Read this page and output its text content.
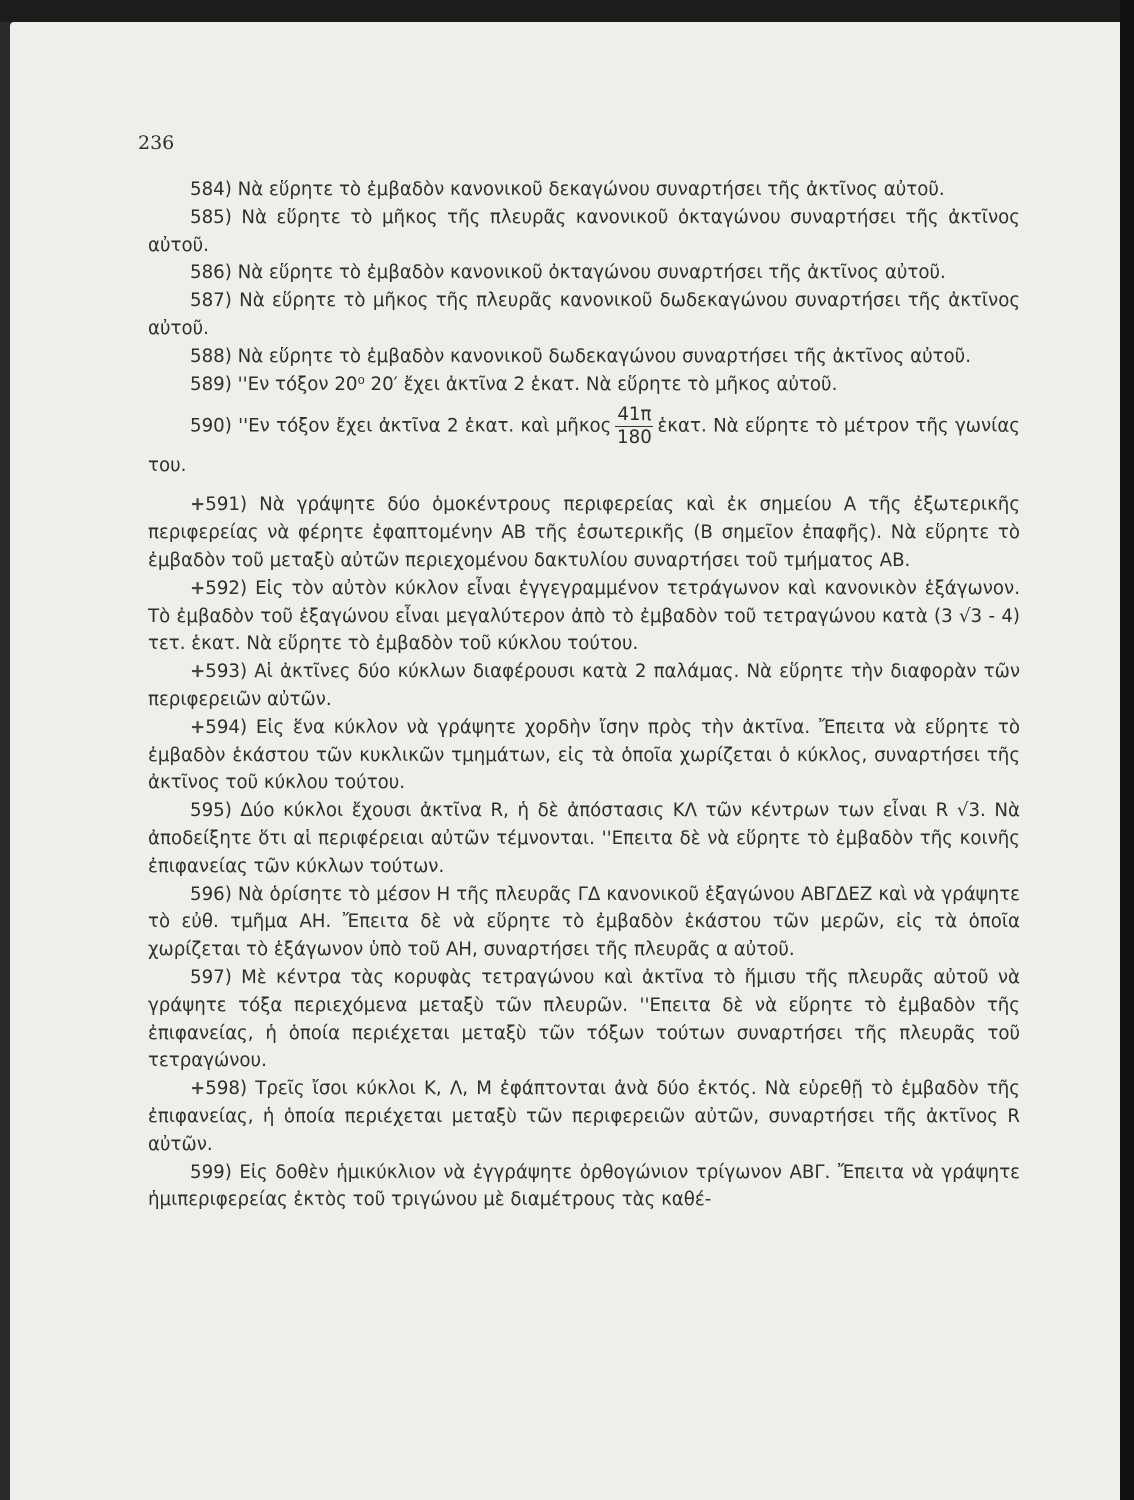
236

584) Νὰ εὕρητε τὸ ἐμβαδὸν κανονικοῦ δεκαγώνου συναρτήσει τῆς ἀκτῖνος αὐτοῦ.

585) Νὰ εὕρητε τὸ μῆκος τῆς πλευρᾶς κανονικοῦ ὀκταγώνου συναρτήσει τῆς ἀκτῖνος αὐτοῦ.

586) Νὰ εὕρητε τὸ ἐμβαδὸν κανονικοῦ ὀκταγώνου συναρτήσει τῆς ἀκτῖνος αὐτοῦ.

587) Νὰ εὕρητε τὸ μῆκος τῆς πλευρᾶς κανονικοῦ δωδεκαγώνου συναρτήσει τῆς ἀκτῖνος αὐτοῦ.

588) Νὰ εὕρητε τὸ ἐμβαδὸν κανονικοῦ δωδεκαγώνου συναρτήσει τῆς ἀκτῖνος αὐτοῦ.

589) ''Εν τόξον 20⁰ 20′ ἔχει ἀκτῖνα 2 ἑκατ. Νὰ εὕρητε τὸ μῆκος αὐτοῦ.

590) ''Εν τόξον ἔχει ἀκτῖνα 2 ἑκατ. καὶ μῆκος $\frac{41\pi}{180}$ ἑκατ. Νὰ εὕρητε τὸ μέτρον τῆς γωνίας του.

+591) Νὰ γράψητε δύο ὁμοκέντρους περιφερείας καὶ ἐκ σημείου Α τῆς ἐξωτερικῆς περιφερείας νὰ φέρητε ἐφαπτομένην ΑΒ τῆς ἐσωτερικῆς (Β σημεῖον ἐπαφῆς). Νὰ εὕρητε τὸ ἐμβαδὸν τοῦ μεταξὺ αὐτῶν περιεχομένου δακτυλίου συναρτήσει τοῦ τμήματος ΑΒ.

+592) Εἰς τὸν αὐτὸν κύκλον εἶναι ἐγγεγραμμένον τετράγωνον καὶ κανονικὸν ἑξάγωνον. Τὸ ἐμβαδὸν τοῦ ἑξαγώνου εἶναι μεγαλύτερον ἀπὸ τὸ ἐμβαδὸν τοῦ τετραγώνου κατὰ (3 √3 - 4) τετ. ἑκατ. Νὰ εὕρητε τὸ ἐμβαδὸν τοῦ κύκλου τούτου.

+593) Αἱ ἀκτῖνες δύο κύκλων διαφέρουσι κατὰ 2 παλάμας. Νὰ εὕρητε τὴν διαφορὰν τῶν περιφερειῶν αὐτῶν.

+594) Εἰς ἕνα κύκλον νὰ γράψητε χορδὴν ἴσην πρὸς τὴν ἀκτῖνα. Ἔπειτα νὰ εὕρητε τὸ ἐμβαδὸν ἑκάστου τῶν κυκλικῶν τμημάτων, εἰς τὰ ὁποῖα χωρίζεται ὁ κύκλος, συναρτήσει τῆς ἀκτῖνος τοῦ κύκλου τούτου.

595) Δύο κύκλοι ἔχουσι ἀκτῖνα R, ἡ δὲ ἀπόστασις ΚΛ τῶν κέντρων των εἶναι R √3. Νὰ ἀποδείξητε ὅτι αἱ περιφέρειαι αὐτῶν τέμνονται. ''Επειτα δὲ νὰ εὕρητε τὸ ἐμβαδὸν τῆς κοινῆς ἐπιφανείας τῶν κύκλων τούτων.

596) Νὰ ὁρίσητε τὸ μέσον Η τῆς πλευρᾶς ΓΔ κανονικοῦ ἑξαγώνου ΑΒΓΔΕΖ καὶ νὰ γράψητε τὸ εὐθ. τμῆμα ΑΗ. Ἔπειτα δὲ νὰ εὕρητε τὸ ἐμβαδὸν ἑκάστου τῶν μερῶν, εἰς τὰ ὁποῖα χωρίζεται τὸ ἑξάγωνον ὑπὸ τοῦ ΑΗ, συναρτήσει τῆς πλευρᾶς α αὐτοῦ.

597) Μὲ κέντρα τὰς κορυφὰς τετραγώνου καὶ ἀκτῖνα τὸ ἥμισυ τῆς πλευρᾶς αὐτοῦ νὰ γράψητε τόξα περιεχόμενα μεταξὺ τῶν πλευρῶν. ''Επειτα δὲ νὰ εὕρητε τὸ ἐμβαδὸν τῆς ἐπιφανείας, ἡ ὁποία περιέχεται μεταξὺ τῶν τόξων τούτων συναρτήσει τῆς πλευρᾶς τοῦ τετραγώνου.

+598) Τρεῖς ἴσοι κύκλοι Κ, Λ, Μ ἐφάπτονται ἀνὰ δύο ἐκτός. Νὰ εὑρεθῇ τὸ ἐμβαδὸν τῆς ἐπιφανείας, ἡ ὁποία περιέχεται μεταξὺ τῶν περιφερειῶν αὐτῶν, συναρτήσει τῆς ἀκτῖνος R αὐτῶν.

599) Εἰς δοθὲν ἡμικύκλιον νὰ ἐγγράψητε ὀρθογώνιον τρίγωνον ΑΒΓ. Ἔπειτα νὰ γράψητε ἡμιπεριφερείας ἐκτὸς τοῦ τριγώνου μὲ διαμέτρους τὰς καθέ-
